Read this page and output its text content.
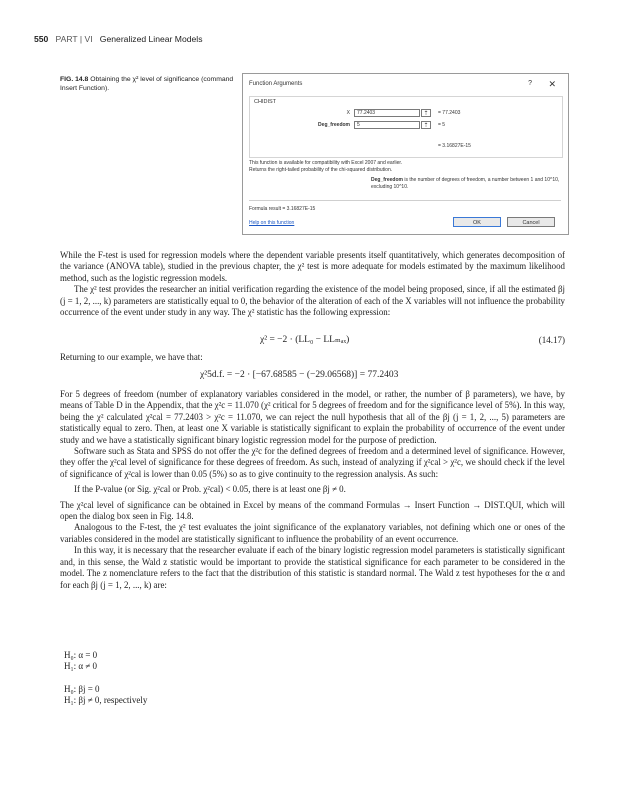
550 PART | VI Generalized Linear Models
FIG. 14.8 Obtaining the χ² level of significance (command Insert Function).
Function Arguments	? ✕
CHIDIST
X	77.2403	⇡	= 77.2403
Deg_freedom	5	⇡	= 5
= 3.16827E-15
This function is available for compatibility with Excel 2007 and earlier.
Returns the right-tailed probability of the chi-squared distribution.
Deg_freedom is the number of degrees of freedom, a number between 1 and 10^10, excluding 10^10.
Formula result = 3.16827E-15
Help on this function	OK	Cancel

While the F-test is used for regression models where the dependent variable presents itself quantitatively, which generates decomposition of the variance (ANOVA table), studied in the previous chapter, the χ² test is more adequate for models estimated by the maximum likelihood method, such as the logistic regression models.

The χ² test provides the researcher an initial verification regarding the existence of the model being proposed, since, if all the estimated βj (j = 1, 2, ..., k) parameters are statistically equal to 0, the behavior of the alteration of each of the X variables will not influence the probability occurrence of the event under study in any way. The χ² statistic has the following expression:

χ² = −2 · (LL₀ − LLₘₐₓ)	(14.17)

Returning to our example, we have that:

χ²5d.f. = −2 · [−67.68585 − (−29.06568)] = 77.2403

For 5 degrees of freedom (number of explanatory variables considered in the model, or rather, the number of β parameters), we have, by means of Table D in the Appendix, that the χ²c = 11.070 (χ² critical for 5 degrees of freedom and for the significance level of 5%). In this way, being the χ² calculated χ²cal = 77.2403 > χ²c = 11.070, we can reject the null hypothesis that all of the βj (j = 1, 2, ..., 5) parameters are statistically equal to zero. Then, at least one X variable is statistically significant to explain the probability of occurrence of the event under study and we have a statistically significant binary logistic regression model for the purpose of prediction.

Software such as Stata and SPSS do not offer the χ²c for the defined degrees of freedom and a determined level of significance. However, they offer the χ²cal level of significance for these degrees of freedom. As such, instead of analyzing if χ²cal > χ²c, we should check if the level of significance of χ²cal is lower than 0.05 (5%) so as to give continuity to the regression analysis. As such:

If the P-value (or Sig. χ²cal or Prob. χ²cal) < 0.05, there is at least one βj ≠ 0.

The χ²cal level of significance can be obtained in Excel by means of the command Formulas → Insert Function → DIST.QUI, which will open the dialog box seen in Fig. 14.8.

Analogous to the F-test, the χ² test evaluates the joint significance of the explanatory variables, not defining which one or ones of the variables considered in the model are statistically significant to influence the probability of an event occurrence.

In this way, it is necessary that the researcher evaluate if each of the binary logistic regression model parameters is statistically significant and, in this sense, the Wald z statistic would be important to provide the statistical significance for each parameter to be considered in the model. The z nomenclature refers to the fact that the distribution of this statistic is standard normal. The Wald z test hypotheses for the α and for each βj (j = 1, 2, ..., k) are:

H₀: α = 0
H₁: α ≠ 0
H₀: βj = 0
H₁: βj ≠ 0, respectively
